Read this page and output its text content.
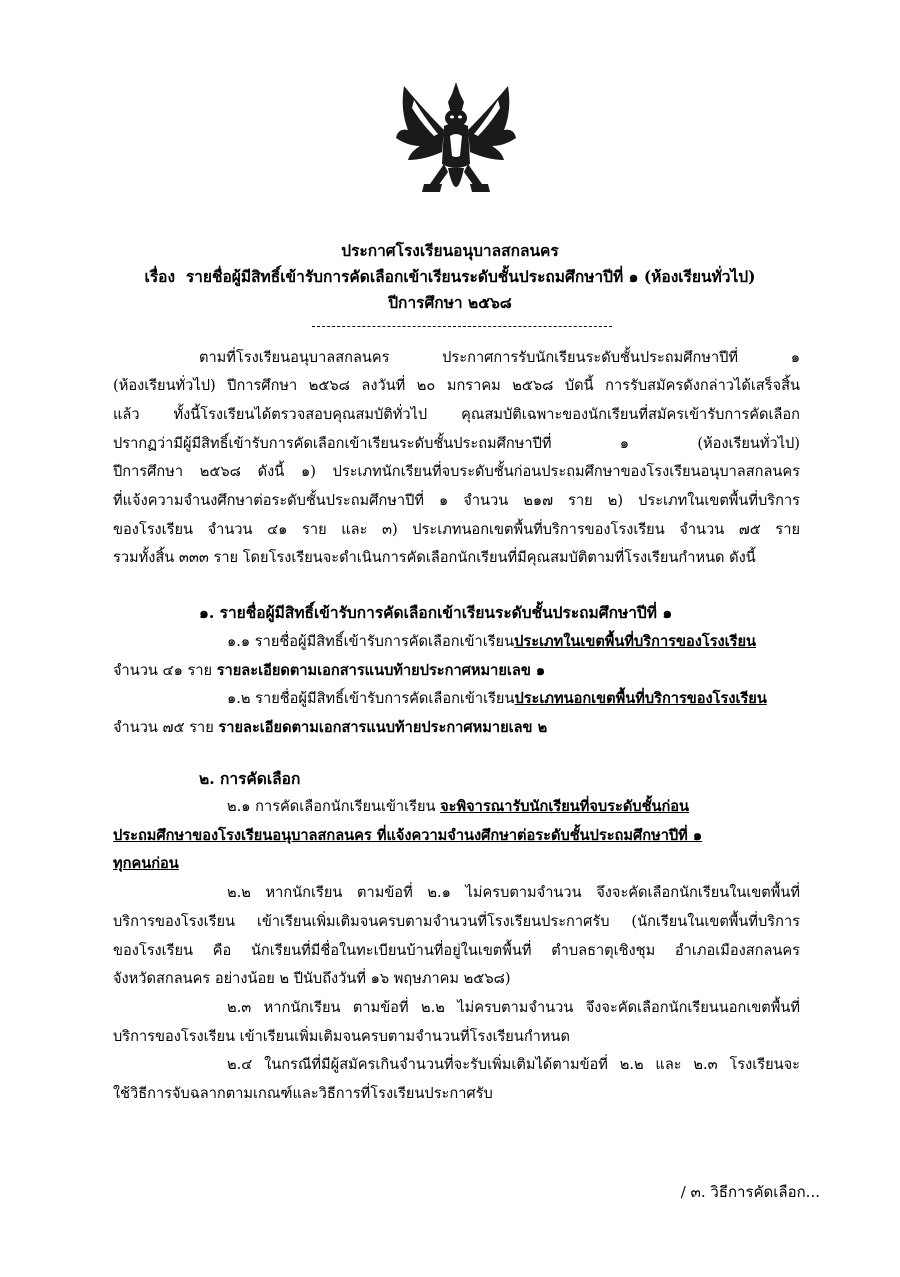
ประกาศโรงเรียนอนุบาลสกลนคร
เรื่อง รายชื่อผู้มีสิทธิ์เข้ารับการคัดเลือกเข้าเรียนระดับชั้นประถมศึกษาปีที่ ๑ (ห้องเรียนทั่วไป)
ปีการศึกษา ๒๕๖๘
ตามที่โรงเรียนอนุบาลสกลนคร ประกาศการรับนักเรียนระดับชั้นประถมศึกษาปีที่ ๑
(ห้องเรียนทั่วไป) ปีการศึกษา ๒๕๖๘ ลงวันที่ ๒๐ มกราคม ๒๕๖๘ บัดนี้ การรับสมัครดังกล่าวได้เสร็จสิ้น
แล้ว ทั้งนี้โรงเรียนได้ตรวจสอบคุณสมบัติทั่วไป คุณสมบัติเฉพาะของนักเรียนที่สมัครเข้ารับการคัดเลือก
ปรากฏว่ามีผู้มีสิทธิ์เข้ารับการคัดเลือกเข้าเรียนระดับชั้นประถมศึกษาปีที่ ๑ (ห้องเรียนทั่วไป)
ปีการศึกษา ๒๕๖๘ ดังนี้ ๑) ประเภทนักเรียนที่จบระดับชั้นก่อนประถมศึกษาของโรงเรียนอนุบาลสกลนคร
ที่แจ้งความจำนงศึกษาต่อระดับชั้นประถมศึกษาปีที่ ๑ จำนวน ๒๑๗ ราย ๒) ประเภทในเขตพื้นที่บริการ
ของโรงเรียน จำนวน ๔๑ ราย และ ๓) ประเภทนอกเขตพื้นที่บริการของโรงเรียน จำนวน ๗๕ ราย
รวมทั้งสิ้น ๓๓๓ ราย โดยโรงเรียนจะดำเนินการคัดเลือกนักเรียนที่มีคุณสมบัติตามที่โรงเรียนกำหนด ดังนี้
๑. รายชื่อผู้มีสิทธิ์เข้ารับการคัดเลือกเข้าเรียนระดับชั้นประถมศึกษาปีที่ ๑
๑.๑ รายชื่อผู้มีสิทธิ์เข้ารับการคัดเลือกเข้าเรียนประเภทในเขตพื้นที่บริการของโรงเรียน
จำนวน ๔๑ ราย รายละเอียดตามเอกสารแนบท้ายประกาศหมายเลข ๑
๑.๒ รายชื่อผู้มีสิทธิ์เข้ารับการคัดเลือกเข้าเรียนประเภทนอกเขตพื้นที่บริการของโรงเรียน
จำนวน ๗๕ ราย รายละเอียดตามเอกสารแนบท้ายประกาศหมายเลข ๒
๒. การคัดเลือก
๒.๑ การคัดเลือกนักเรียนเข้าเรียน จะพิจารณารับนักเรียนที่จบระดับชั้นก่อน
ประถมศึกษาของโรงเรียนอนุบาลสกลนคร ที่แจ้งความจำนงศึกษาต่อระดับชั้นประถมศึกษาปีที่ ๑
ทุกคนก่อน
๒.๒ หากนักเรียน ตามข้อที่ ๒.๑ ไม่ครบตามจำนวน จึงจะคัดเลือกนักเรียนในเขตพื้นที่
บริการของโรงเรียน เข้าเรียนเพิ่มเติมจนครบตามจำนวนที่โรงเรียนประกาศรับ (นักเรียนในเขตพื้นที่บริการ
ของโรงเรียน คือ นักเรียนที่มีชื่อในทะเบียนบ้านที่อยู่ในเขตพื้นที่ ตำบลธาตุเชิงชุม อำเภอเมืองสกลนคร
จังหวัดสกลนคร อย่างน้อย ๒ ปีนับถึงวันที่ ๑๖ พฤษภาคม ๒๕๖๘)
๒.๓ หากนักเรียน ตามข้อที่ ๒.๒ ไม่ครบตามจำนวน จึงจะคัดเลือกนักเรียนนอกเขตพื้นที่
บริการของโรงเรียน เข้าเรียนเพิ่มเติมจนครบตามจำนวนที่โรงเรียนกำหนด
๒.๔ ในกรณีที่มีผู้สมัครเกินจำนวนที่จะรับเพิ่มเติมได้ตามข้อที่ ๒.๒ และ ๒.๓ โรงเรียนจะ
ใช้วิธีการจับฉลากตามเกณฑ์และวิธีการที่โรงเรียนประกาศรับ
/ ๓. วิธีการคัดเลือก...
